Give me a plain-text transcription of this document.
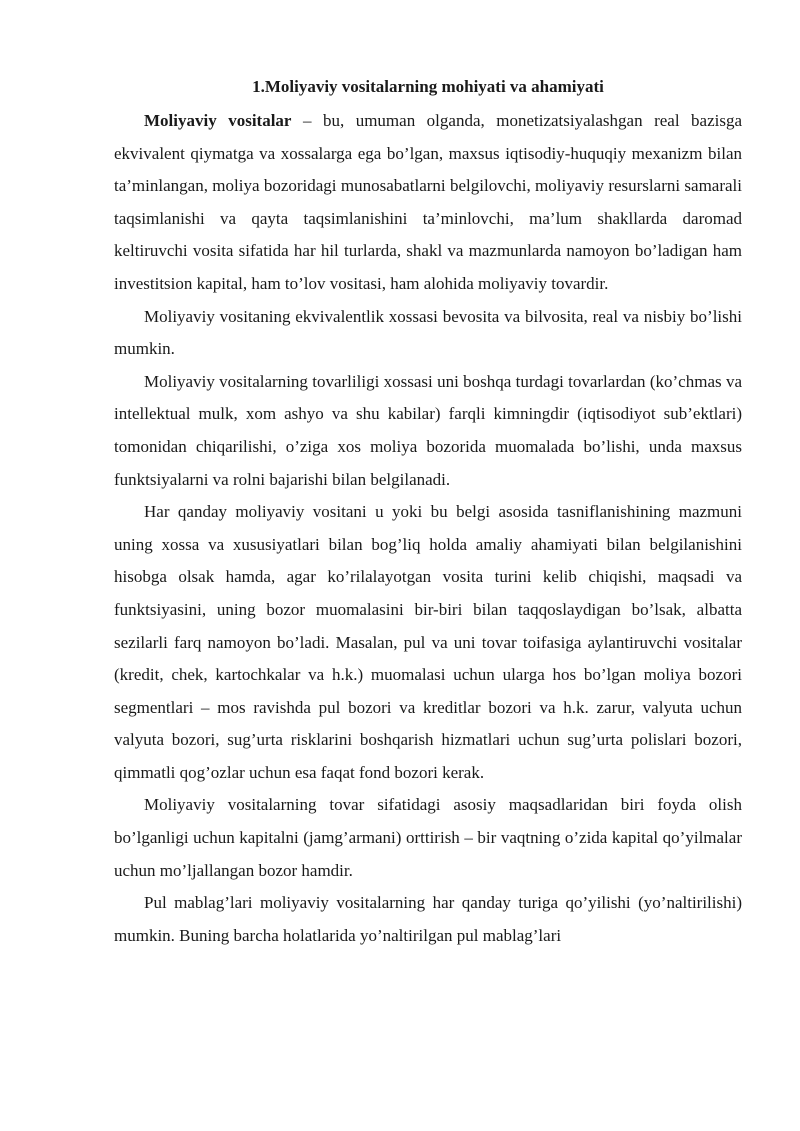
1.Moliyaviy vositalarning mohiyati va ahamiyati

Moliyaviy vositalar – bu, umuman olganda, monetizatsiyalashgan real bazisga ekvivalent qiymatga va xossalarga ega bo’lgan, maxsus iqtisodiy-huquqiy mexanizm bilan ta’minlangan, moliya bozoridagi munosabatlarni belgilovchi, moliyaviy resurslarni samarali taqsimlanishi va qayta taqsimlanishini ta’minlovchi, ma’lum shakllarda daromad keltiruvchi vosita sifatida har hil turlarda, shakl va mazmunlarda namoyon bo’ladigan ham investitsion kapital, ham to’lov vositasi, ham alohida moliyaviy tovardir.

Moliyaviy vositaning ekvivalentlik xossasi bevosita va bilvosita, real va nisbiy bo’lishi mumkin.

Moliyaviy vositalarning tovarliligi xossasi uni boshqa turdagi tovarlardan (ko’chmas va intellektual mulk, xom ashyo va shu kabilar) farqli kimningdir (iqtisodiyot sub’ektlari) tomonidan chiqarilishi, o’ziga xos moliya bozorida muomalada bo’lishi, unda maxsus funktsiyalarni va rolni bajarishi bilan belgilanadi.

Har qanday moliyaviy vositani u yoki bu belgi asosida tasniflanishining mazmuni uning xossa va xususiyatlari bilan bog’liq holda amaliy ahamiyati bilan belgilanishini hisobga olsak hamda, agar ko’rilalayotgan vosita turini kelib chiqishi, maqsadi va funktsiyasini, uning bozor muomalasini bir-biri bilan taqqoslaydigan bo’lsak, albatta sezilarli farq namoyon bo’ladi. Masalan, pul va uni tovar toifasiga aylantiruvchi vositalar (kredit, chek, kartochkalar va h.k.) muomalasi uchun ularga hos bo’lgan moliya bozori segmentlari – mos ravishda pul bozori va kreditlar bozori va h.k. zarur, valyuta uchun valyuta bozori, sug’urta risklarini boshqarish hizmatlari uchun sug’urta polislari bozori, qimmatli qog’ozlar uchun esa faqat fond bozori kerak.

Moliyaviy vositalarning tovar sifatidagi asosiy maqsadlaridan biri foyda olish bo’lganligi uchun kapitalni (jamg’armani) orttirish – bir vaqtning o’zida kapital qo’yilmalar uchun mo’ljallangan bozor hamdir.

Pul mablag’lari moliyaviy vositalarning har qanday turiga qo’yilishi (yo’naltirilishi) mumkin. Buning barcha holatlarida yo’naltirilgan pul mablag’lari
